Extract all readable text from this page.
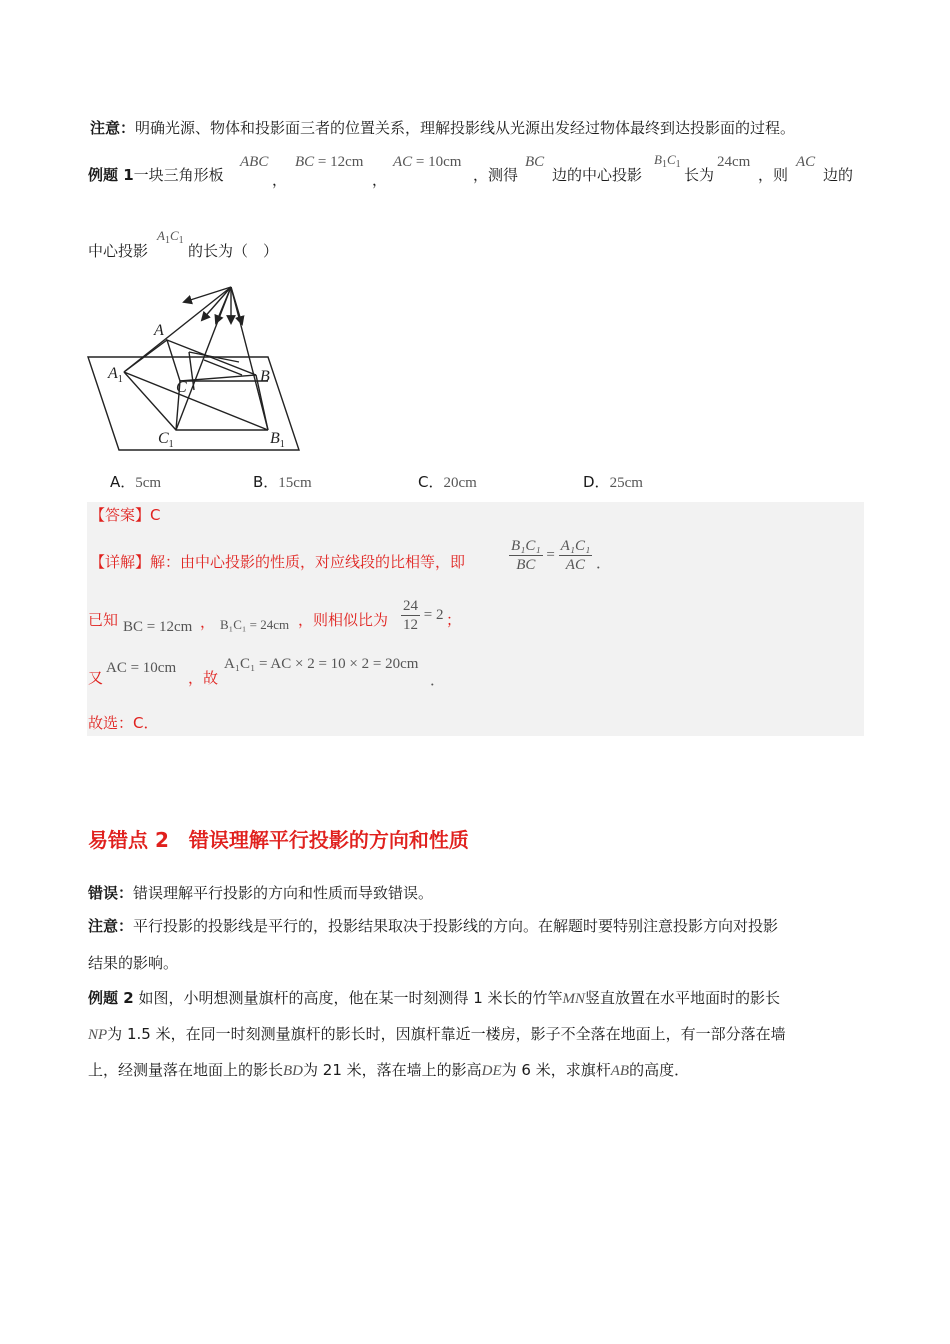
注意：明确光源、物体和投影面三者的位置关系，理解投影线从光源出发经过物体最终到达投影面的过程。
例题 1一块三角形板
ABC
，
BC = 12cm
，
AC = 10cm
，测得
BC
边的中心投影
$B_1C_1$
长为
24cm
，则
AC
边的
中心投影
$A_1C_1$
的长为（　）
A
$A_1$	C
B
$C_1$	$B_1$
A．5cm	B．15cm	C．20cm	D．25cm
【答案】C
【详解】解：由中心投影的性质，对应线段的比相等，即	$\frac{\text{B₁C₁}}{BC} = \frac{\text{A₁C₁}}{AC}$ ．
已知 BC = 12cm ， B₁C₁ = 24cm ，则相似比为 $\frac{24}{12} = 2$ ；
又
AC = 10cm
，故
A₁C₁ = AC × 2 = 10 × 2 = 20cm
．
故选：C．
易错点 2　错误理解平行投影的方向和性质
错误：错误理解平行投影的方向和性质而导致错误。
注意：平行投影的投影线是平行的，投影结果取决于投影线的方向。在解题时要特别注意投影方向对投影
结果的影响。
例题 2 如图，小明想测量旗杆的高度，他在某一时刻测得 1 米长的竹竿MN竖直放置在水平地面时的影长
NP为 1.5 米，在同一时刻测量旗杆的影长时，因旗杆靠近一楼房，影子不全落在地面上，有一部分落在墙
上，经测量落在地面上的影长BD为 21 米，落在墙上的影高DE为 6 米，求旗杆AB的高度．
